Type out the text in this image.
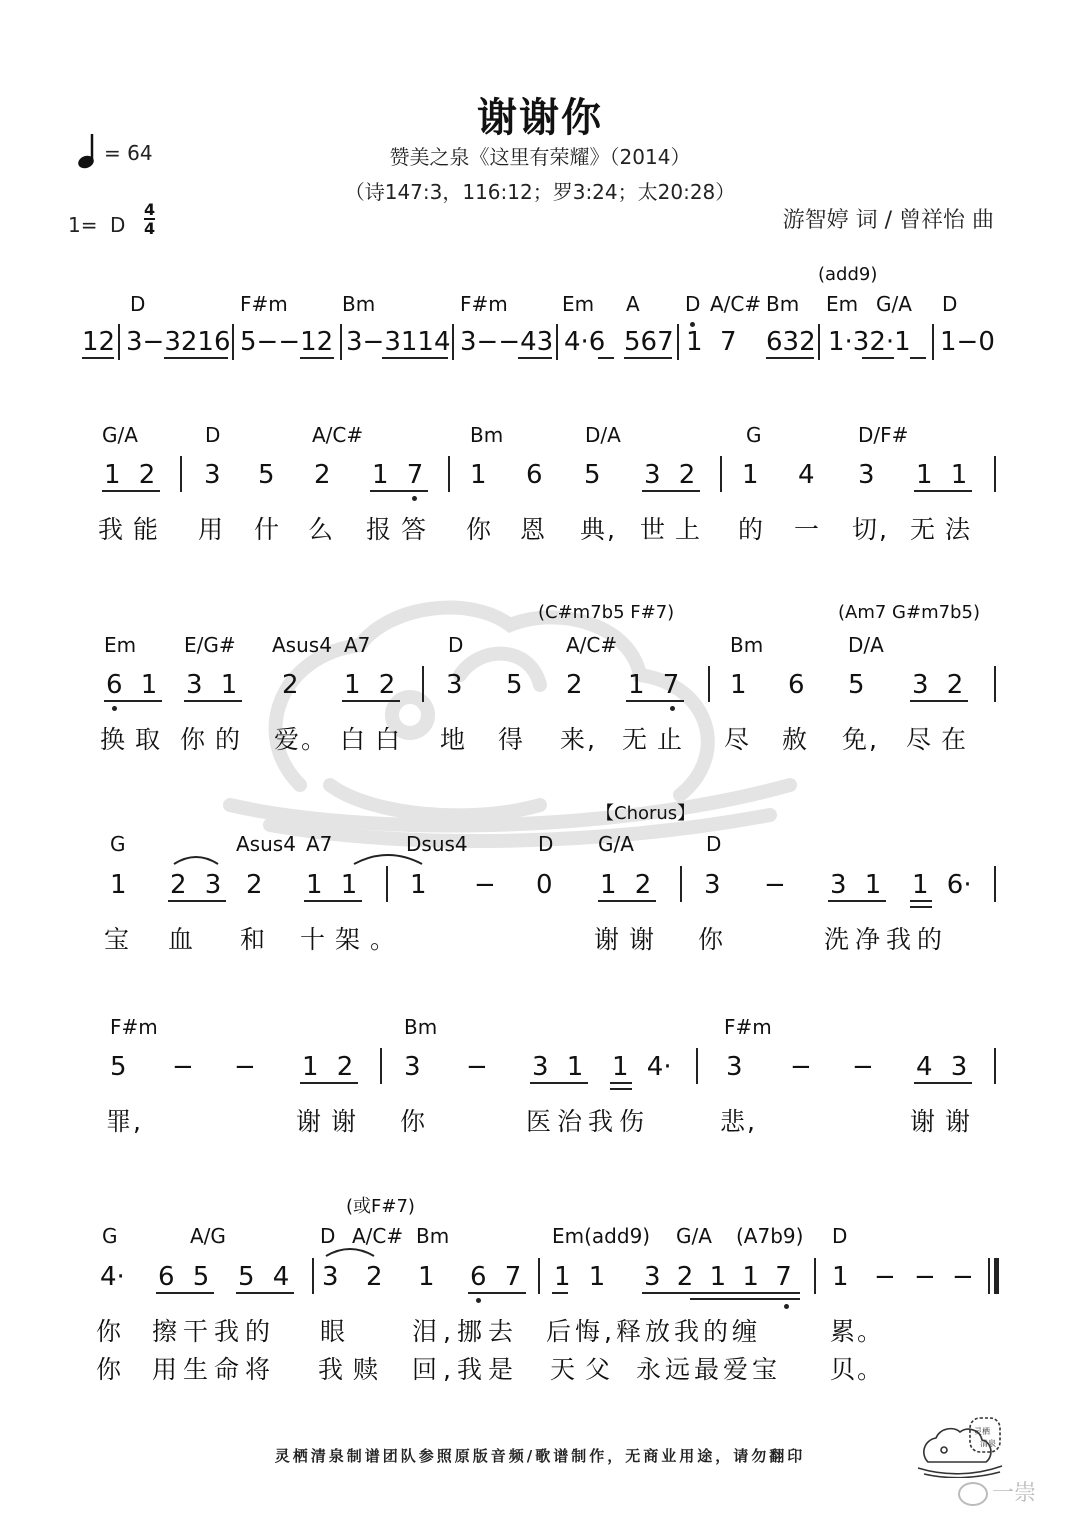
谢谢你
赞美之泉《这里有荣耀》（2014）
（诗147:3，116:12；罗3:24；太20:28）
游智婷 词 / 曾祥怡 曲
= 64
1= D
4
4
(add9)
D	F#m	Bm	F#m	Em A D A/C# Bm Em G/A D
12 3−3216 5−−12 3−3114 3−−43 4·6 567 1 7 632 1·32·1 1−0
G/A	D	A/C#	Bm	D/A	G	D/F#
1 2 3 5 2 1 7 1 6 5 3 2 1 4 3 1 1
我能 用 什 么 报答 你 恩 典, 世上 的 一 切, 无法
(C#m7b5 F#7)	(Am7 G#m7b5)
Em E/G# Asus4 A7	D	A/C#	Bm	D/A
6 1 3 1 2 1 2 3 5 2 1 7 1 6 5 3 2
换取 你的 爱。 白白 地 得 来, 无止 尽 赦 免, 尽在
【Chorus】
G	Asus4 A7	Dsus4	D G/A	D
1 2 3 2 1 1 1 − 0 1 2 3 − 3 1 1 6·
宝 血 和 十架。	谢谢 你	洗净我的
F#m	Bm	F#m
5 − − 1 2 3 − 3 1 1 4· 3 − − 4 3
罪,	谢谢 你	医治我伤	悲,	谢谢
(或F#7)
G	A/G	D A/C# Bm	Em(add9) G/A (A7b9) D
4· 6 5 5 4 3 2 1 6 7 1 1 3 2 1 1 7 1 − − −
你 擦干我的 眼	泪,挪去 后悔,释放我的缠	累。
你 用生命将 我赎 回,我是 天父 永远最爱宝 贝。
灵栖清泉制谱团队参照原版音频/歌谱制作，无商业用途，请勿翻印
灵栖
清泉
一崇
